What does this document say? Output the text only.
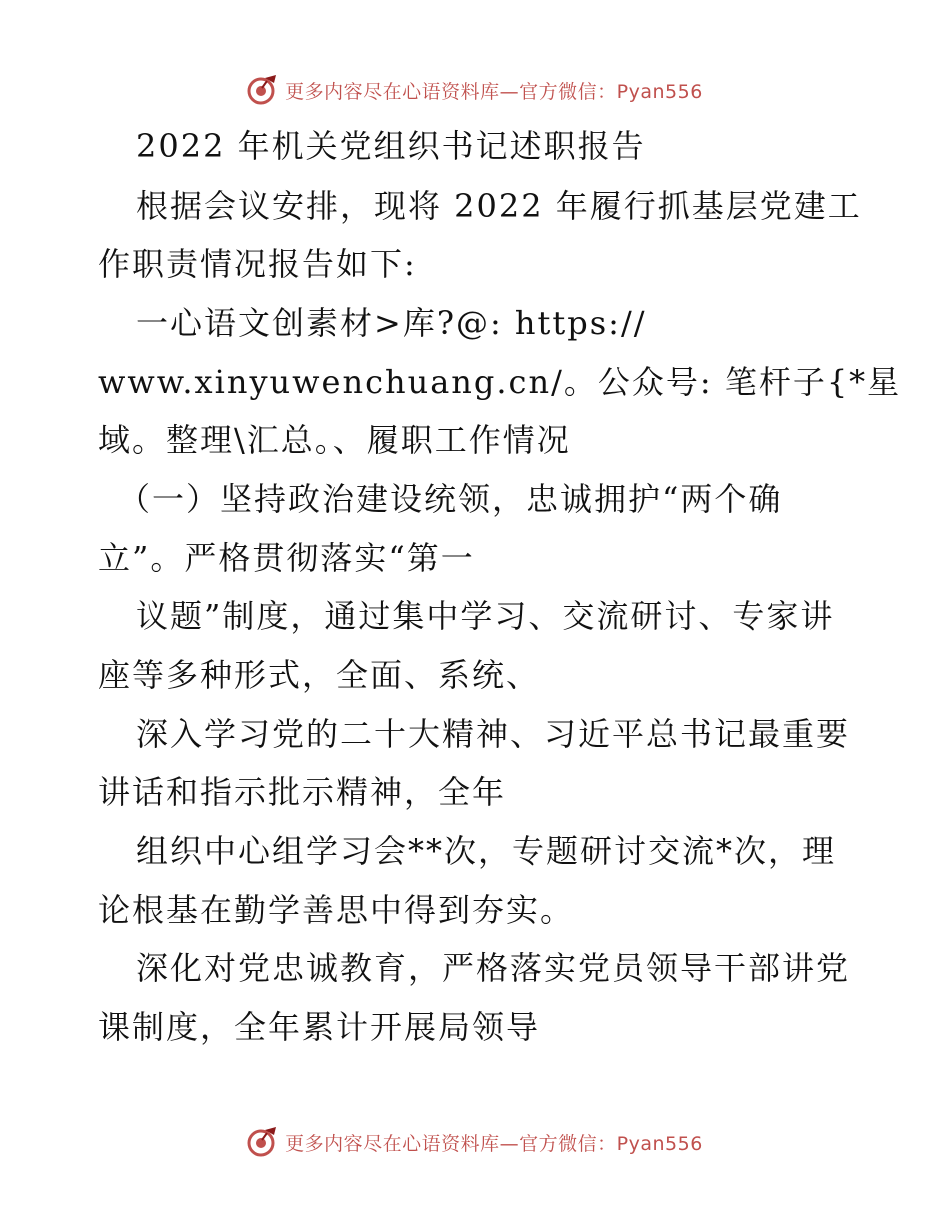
更多内容尽在心语资料库—官方微信：Pyan556
2022 年机关党组织书记述职报告
根据会议安排，现将 2022 年履行抓基层党建工
作职责情况报告如下:
一心语文创素材>库?@: https://
www.xinyuwenchuang.cn/。公众号: 笔杆子{*星
域。整理\汇总。、履职工作情况
（一）坚持政治建设统领，忠诚拥护“两个确
立”。严格贯彻落实“第一
议题”制度，通过集中学习、交流研讨、专家讲
座等多种形式，全面、系统、
深入学习党的二十大精神、习近平总书记最重要
讲话和指示批示精神，全年
组织中心组学习会**次，专题研讨交流*次，理
论根基在勤学善思中得到夯实。
深化对党忠诚教育，严格落实党员领导干部讲党
课制度，全年累计开展局领导
更多内容尽在心语资料库—官方微信：Pyan556
